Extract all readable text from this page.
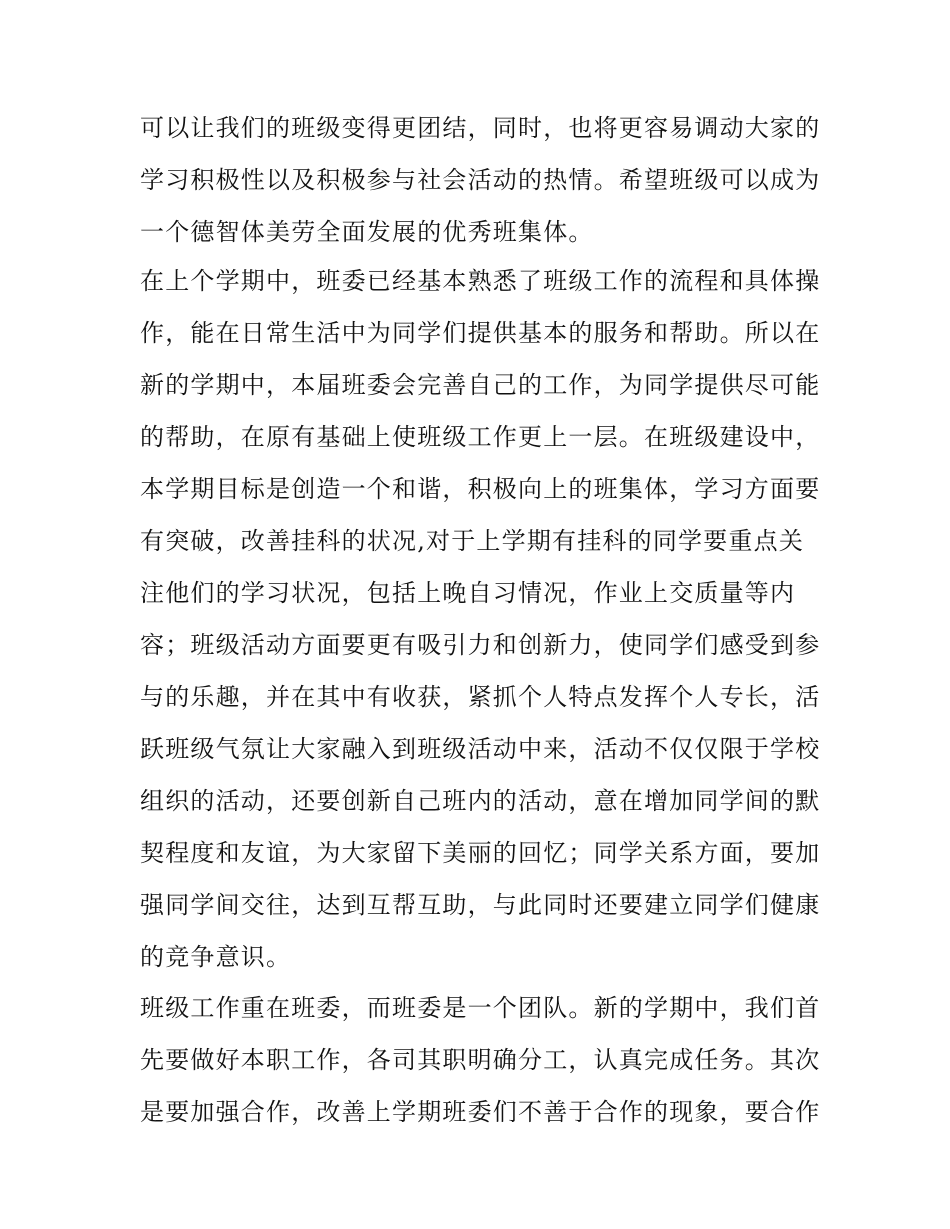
可以让我们的班级变得更团结，同时，也将更容易调动大家的
学习积极性以及积极参与社会活动的热情。希望班级可以成为
一个德智体美劳全面发展的优秀班集体。
在上个学期中，班委已经基本熟悉了班级工作的流程和具体操
作，能在日常生活中为同学们提供基本的服务和帮助。所以在
新的学期中，本届班委会完善自己的工作，为同学提供尽可能
的帮助，在原有基础上使班级工作更上一层。在班级建设中，
本学期目标是创造一个和谐，积极向上的班集体，学习方面要
有突破，改善挂科的状况,对于上学期有挂科的同学要重点关
注他们的学习状况，包括上晚自习情况，作业上交质量等内
容；班级活动方面要更有吸引力和创新力，使同学们感受到参
与的乐趣，并在其中有收获，紧抓个人特点发挥个人专长，活
跃班级气氛让大家融入到班级活动中来，活动不仅仅限于学校
组织的活动，还要创新自己班内的活动，意在增加同学间的默
契程度和友谊，为大家留下美丽的回忆；同学关系方面，要加
强同学间交往，达到互帮互助，与此同时还要建立同学们健康
的竞争意识。
班级工作重在班委，而班委是一个团队。新的学期中，我们首
先要做好本职工作，各司其职明确分工，认真完成任务。其次
是要加强合作，改善上学期班委们不善于合作的现象，要合作
